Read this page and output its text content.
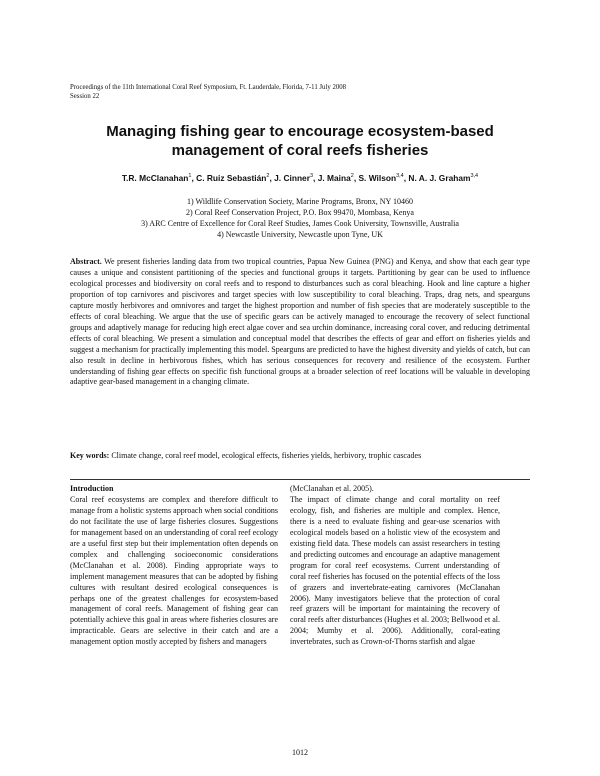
Proceedings of the 11th International Coral Reef Symposium, Ft. Lauderdale, Florida, 7-11 July 2008
Session 22
Managing fishing gear to encourage ecosystem-based
management of coral reefs fisheries
T.R. McClanahan$^1$, C. Ruiz Sebastián$^2$, J. Cinner$^3$, J. Maina$^2$, S. Wilson$^{3,4}$, N. A. J. Graham$^{3,4}$
1) Wildlife Conservation Society, Marine Programs, Bronx, NY 10460
2) Coral Reef Conservation Project, P.O. Box 99470, Mombasa, Kenya
3) ARC Centre of Excellence for Coral Reef Studies, James Cook University, Townsville, Australia
4) Newcastle University, Newcastle upon Tyne, UK
Abstract. We present fisheries landing data from two tropical countries, Papua New Guinea (PNG) and Kenya, and show that each gear type causes a unique and consistent partitioning of the species and functional groups it targets. Partitioning by gear can be used to influence ecological processes and biodiversity on coral reefs and to respond to disturbances such as coral bleaching. Hook and line capture a higher proportion of top carnivores and piscivores and target species with low susceptibility to coral bleaching. Traps, drag nets, and spearguns capture mostly herbivores and omnivores and target the highest proportion and number of fish species that are moderately susceptible to the effects of coral bleaching. We argue that the use of specific gears can be actively managed to encourage the recovery of select functional groups and adaptively manage for reducing high erect algae cover and sea urchin dominance, increasing coral cover, and reducing detrimental effects of coral bleaching. We present a simulation and conceptual model that describes the effects of gear and effort on fisheries yields and suggest a mechanism for practically implementing this model. Spearguns are predicted to have the highest diversity and yields of catch, but can also result in decline in herbivorous fishes, which has serious consequences for recovery and resilience of the ecosystem. Further understanding of fishing gear effects on specific fish functional groups at a broader selection of reef locations will be valuable in developing adaptive gear-based management in a changing climate.
Key words: Climate change, coral reef model, ecological effects, fisheries yields, herbivory, trophic cascades
Introduction

Coral reef ecosystems are complex and therefore difficult to manage from a holistic systems approach when social conditions do not facilitate the use of large fisheries closures. Suggestions for management based on an understanding of coral reef ecology are a useful first step but their implementation often depends on complex and challenging socioeconomic considerations (McClanahan et al. 2008). Finding appropriate ways to implement management measures that can be adopted by fishing cultures with resultant desired ecological consequences is perhaps one of the greatest challenges for ecosystem-based management of coral reefs. Management of fishing gear can potentially achieve this goal in areas where fisheries closures are impracticable. Gears are selective in their catch and are a management option mostly accepted by fishers and managers

(McClanahan et al. 2005).

The impact of climate change and coral mortality on reef ecology, fish, and fisheries are multiple and complex. Hence, there is a need to evaluate fishing and gear-use scenarios with ecological models based on a holistic view of the ecosystem and existing field data. These models can assist researchers in testing and predicting outcomes and encourage an adaptive management program for coral reef ecosystems. Current understanding of coral reef fisheries has focused on the potential effects of the loss of grazers and invertebrate-eating carnivores (McClanahan 2006). Many investigators believe that the protection of coral reef grazers will be important for maintaining the recovery of coral reefs after disturbances (Hughes et al. 2003; Bellwood et al. 2004; Mumby et al. 2006). Additionally, coral-eating invertebrates, such as Crown-of-Thorns starfish and algae

1012
